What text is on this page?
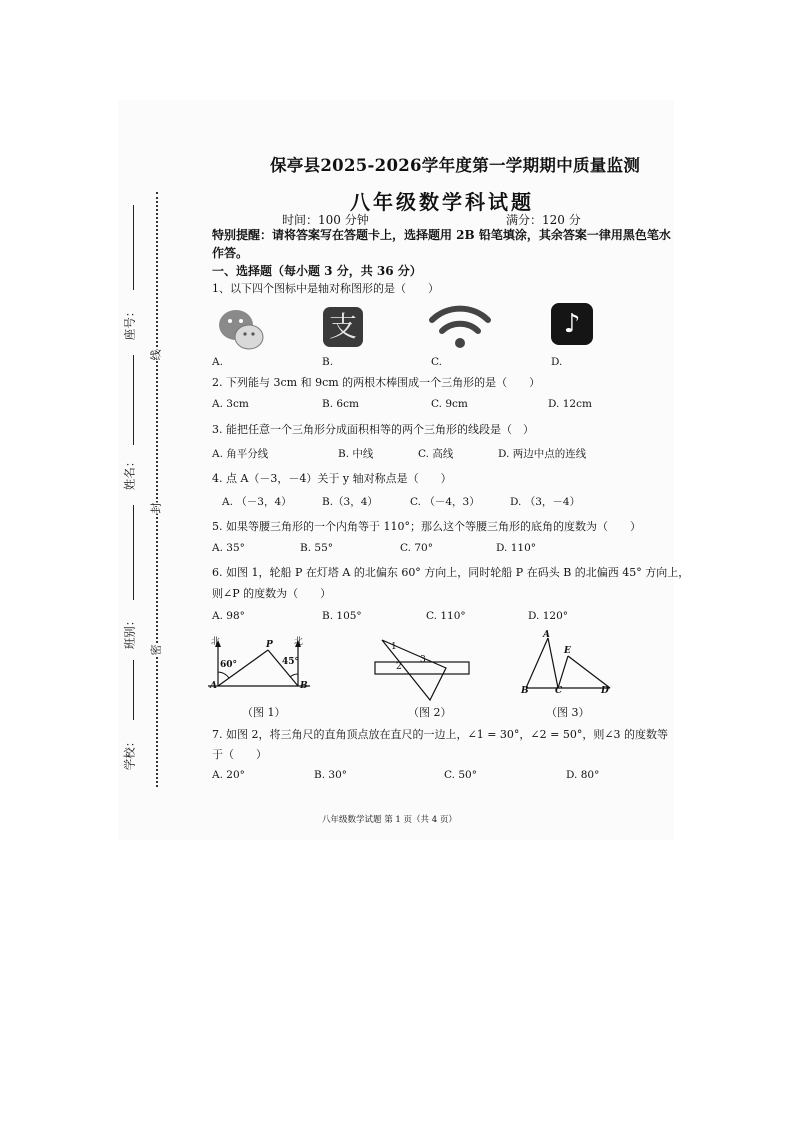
座号：
姓名：
班别：
学校：
线
封
密
保亭县2025-2026学年度第一学期期中质量监测
八年级数学科试题
时间：100 分钟	满分：120 分
特别提醒：请将答案写在答题卡上，选择题用 2B 铅笔填涂，其余答案一律用黑色笔水作答。
一、选择题（每小题 3 分，共 36 分）
1、以下四个图标中是轴对称图形的是（　　）
支	♪
A.	B.	C.	D.
2. 下列能与 3cm 和 9cm 的两根木棒围成一个三角形的是（　　）
A. 3cm	B. 6cm	C. 9cm	D. 12cm
3. 能把任意一个三角形分成面积相等的两个三角形的线段是（　）
A. 角平分线	B. 中线	C. 高线	D. 两边中点的连线
4. 点 A（－3，－4）关于 y 轴对称点是（　　）
A. （－3，4）	B.（3，4）	C. （－4，3）	D. （3，－4）
5. 如果等腰三角形的一个内角等于 110°；那么这个等腰三角形的底角的度数为（　　）
A. 35°	B. 55°	C. 70°	D. 110°
6. 如图 1，轮船 P 在灯塔 A 的北偏东 60° 方向上，同时轮船 P 在码头 B 的北偏西 45° 方向上，
则∠P 的度数为（　　）
A. 98°	B. 105°	C. 110°	D. 120°
北	北
60°	45°
A	B
P
（图 1）
1
2
3
（图 2）
A
B	C	D
E
（图 3）
7. 如图 2，将三角尺的直角顶点放在直尺的一边上，∠1 = 30°，∠2 = 50°，则∠3 的度数等
于（　　）
A. 20°	B. 30°	C. 50°	D. 80°
八年级数学试题 第 1 页（共 4 页）
